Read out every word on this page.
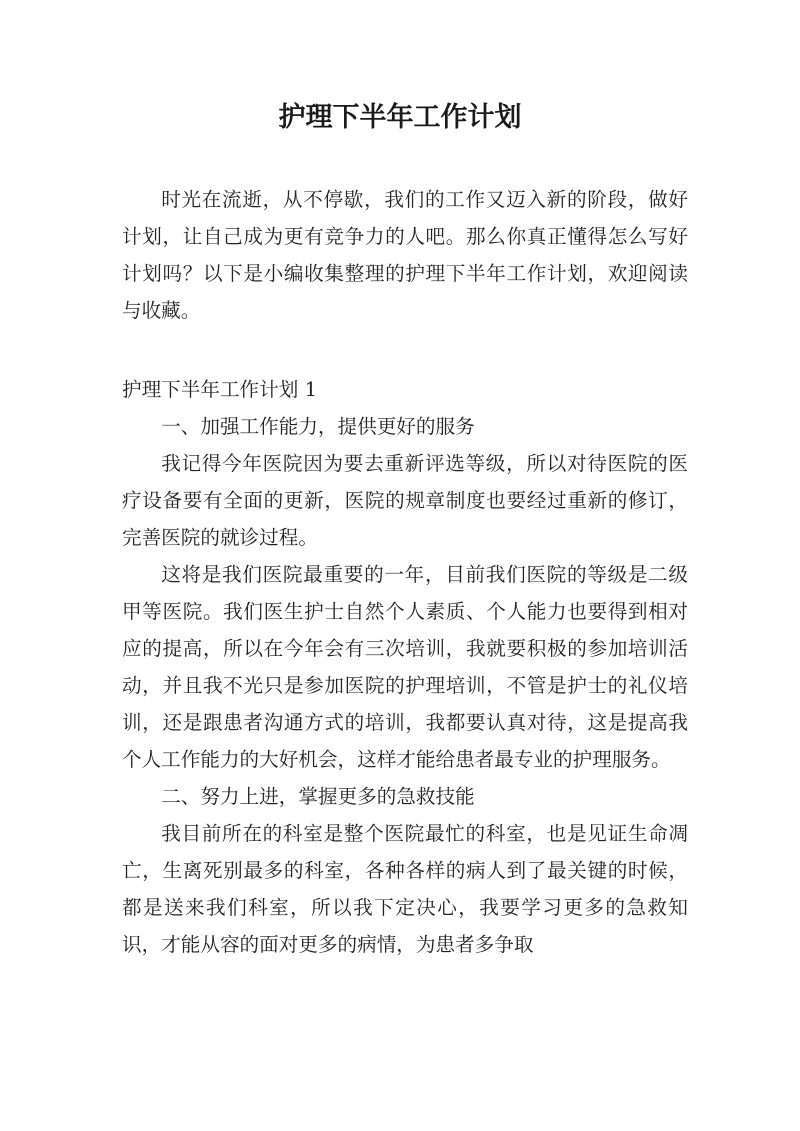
护理下半年工作计划

时光在流逝，从不停歇，我们的工作又迈入新的阶段，做好计划，让自己成为更有竞争力的人吧。那么你真正懂得怎么写好计划吗？以下是小编收集整理的护理下半年工作计划，欢迎阅读与收藏。

护理下半年工作计划 1

一、加强工作能力，提供更好的服务

我记得今年医院因为要去重新评选等级，所以对待医院的医疗设备要有全面的更新，医院的规章制度也要经过重新的修订，完善医院的就诊过程。

这将是我们医院最重要的一年，目前我们医院的等级是二级甲等医院。我们医生护士自然个人素质、个人能力也要得到相对应的提高，所以在今年会有三次培训，我就要积极的参加培训活动，并且我不光只是参加医院的护理培训，不管是护士的礼仪培训，还是跟患者沟通方式的培训，我都要认真对待，这是提高我个人工作能力的大好机会，这样才能给患者最专业的护理服务。

二、努力上进，掌握更多的急救技能

我目前所在的科室是整个医院最忙的科室，也是见证生命凋亡，生离死别最多的科室，各种各样的病人到了最关键的时候，都是送来我们科室，所以我下定决心，我要学习更多的急救知识，才能从容的面对更多的病情，为患者多争取
